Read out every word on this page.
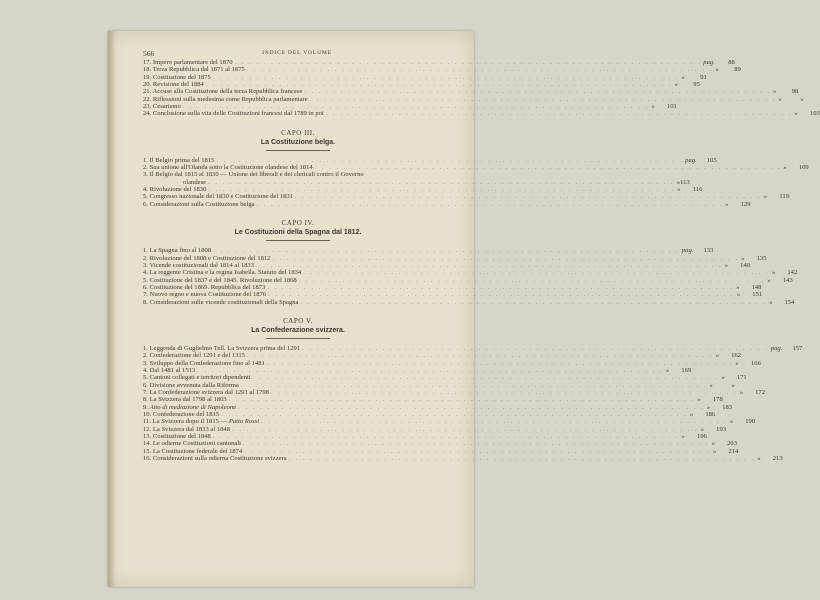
566	INDICE DEL VOLUME
17. Impero parlamentare del 1870 . . . . . . . . . . . . . . . . . . . . . . . . . . . . . . . . . . . . . . . . . . . . . . . . . . . . . . . . . . . . . . . . pag.	88
18. Terza Repubblica dal 1871 al 1875 . . . . . . . . . . . . . . . . . . . . . . . . . . . . . . . . . . . . . . . . . . . . . . . . . . . . . . . . . . . . . . . . »	89
19. Costituzione del 1875 . . . . . . . . . . . . . . . . . . . . . . . . . . . . . . . . . . . . . . . . . . . . . . . . . . . . . . . . . . . . . . . . »	91
20. Revisione del 1884 . . . . . . . . . . . . . . . . . . . . . . . . . . . . . . . . . . . . . . . . . . . . . . . . . . . . . . . . . . . . . . . . »	95
21. Accuse alla Costituzione della terza Repubblica francese . . . . . . . . . . . . . . . . . . . . . . . . . . . . . . . . . . . . . . . . . . . . . . . . . . . . . . . . . . . . . . . . »	98
22. Riflessioni sulla medesima come Repubblica parlamentare . . . . . . . . . . . . . . . . . . . . . . . . . . . . . . . . . . . . . . . . . . . . . . . . . . . . . . . . . . . . . . . . »	»
23. Cesarismo . . . . . . . . . . . . . . . . . . . . . . . . . . . . . . . . . . . . . . . . . . . . . . . . . . . . . . . . . . . . . . . . »	101
24. Conclusione sulla vita delle Costituzioni francesi dal 1789 in poi . . . . . . . . . . . . . . . . . . . . . . . . . . . . . . . . . . . . . . . . . . . . . . . . . . . . . . . . . . . . . . . . »	103
CAPO III.
La Costituzione belga.
1. Il Belgio prima del 1815 . . . . . . . . . . . . . . . . . . . . . . . . . . . . . . . . . . . . . . . . . . . . . . . . . . . . . . . . . . . . . . . . pag.	105
2. Sua unione all'Olanda sotto la Costituzione olandese del 1814 . . . . . . . . . . . . . . . . . . . . . . . . . . . . . . . . . . . . . . . . . . . . . . . . . . . . . . . . . . . . . . . . »	109
3. Il Belgio dal 1815 al 1830 — Unione dei liberali e dei clericali contro il Governo
olandese . . . . . . . . . . . . . . . . . . . . . . . . . . . . . . . . . . . . . . . . . . . . . . . . . . . . . . . . . . . . . . . . » 113
4. Rivoluzione del 1830 . . . . . . . . . . . . . . . . . . . . . . . . . . . . . . . . . . . . . . . . . . . . . . . . . . . . . . . . . . . . . . . . »	116
5. Congresso nazionale del 1830 e Costituzione del 1831 . . . . . . . . . . . . . . . . . . . . . . . . . . . . . . . . . . . . . . . . . . . . . . . . . . . . . . . . . . . . . . . . »	119
6. Considerazioni sulla Costituzione belga . . . . . . . . . . . . . . . . . . . . . . . . . . . . . . . . . . . . . . . . . . . . . . . . . . . . . . . . . . . . . . . . »	129
CAPO IV.
Le Costituzioni della Spagna dal 1812.
1. La Spagna fino al 1808 . . . . . . . . . . . . . . . . . . . . . . . . . . . . . . . . . . . . . . . . . . . . . . . . . . . . . . . . . . . . . . . . pag.	133
2. Rivoluzione del 1808 e Costituzione del 1812 . . . . . . . . . . . . . . . . . . . . . . . . . . . . . . . . . . . . . . . . . . . . . . . . . . . . . . . . . . . . . . . . »	135
3. Vicende costituzionali dal 1814 al 1833 . . . . . . . . . . . . . . . . . . . . . . . . . . . . . . . . . . . . . . . . . . . . . . . . . . . . . . . . . . . . . . . . »	140
4. La reggente Cristina e la regina Isabella. Statuto del 1834 . . . . . . . . . . . . . . . . . . . . . . . . . . . . . . . . . . . . . . . . . . . . . . . . . . . . . . . . . . . . . . . . »	142
5. Costituzione del 1837 e del 1845. Rivoluzione del 1868 . . . . . . . . . . . . . . . . . . . . . . . . . . . . . . . . . . . . . . . . . . . . . . . . . . . . . . . . . . . . . . . . »	143
6. Costituzione del 1869. Repubblica del 1873 . . . . . . . . . . . . . . . . . . . . . . . . . . . . . . . . . . . . . . . . . . . . . . . . . . . . . . . . . . . . . . . . »	148
7. Nuovo regno e nuova Costituzione del 1876 . . . . . . . . . . . . . . . . . . . . . . . . . . . . . . . . . . . . . . . . . . . . . . . . . . . . . . . . . . . . . . . . »	151
8. Considerazioni sulle vicende costituzionali della Spagna . . . . . . . . . . . . . . . . . . . . . . . . . . . . . . . . . . . . . . . . . . . . . . . . . . . . . . . . . . . . . . . . »	154
CAPO V.
La Confederazione svizzera.
1. Leggenda di Guglielmo Tell. La Svizzera prima del 1291 . . . . . . . . . . . . . . . . . . . . . . . . . . . . . . . . . . . . . . . . . . . . . . . . . . . . . . . . . . . . . . . . pag.	157
2. Confederazione del 1291 e del 1315 . . . . . . . . . . . . . . . . . . . . . . . . . . . . . . . . . . . . . . . . . . . . . . . . . . . . . . . . . . . . . . . . »	162
3. Sviluppo della Confederazione fino al 1481 . . . . . . . . . . . . . . . . . . . . . . . . . . . . . . . . . . . . . . . . . . . . . . . . . . . . . . . . . . . . . . . . »	166
4. Dal 1481 al 1513 . . . . . . . . . . . . . . . . . . . . . . . . . . . . . . . . . . . . . . . . . . . . . . . . . . . . . . . . . . . . . . . . »	169
5. Cantoni collegati e territori dipendenti . . . . . . . . . . . . . . . . . . . . . . . . . . . . . . . . . . . . . . . . . . . . . . . . . . . . . . . . . . . . . . . . »	171
6. Divisione avvenuta dalla Riforma . . . . . . . . . . . . . . . . . . . . . . . . . . . . . . . . . . . . . . . . . . . . . . . . . . . . . . . . . . . . . . . . »	»
7. La Confederazione svizzera dal 1291 al 1798 . . . . . . . . . . . . . . . . . . . . . . . . . . . . . . . . . . . . . . . . . . . . . . . . . . . . . . . . . . . . . . . . »	172
8. La Svizzera dal 1798 al 1803 . . . . . . . . . . . . . . . . . . . . . . . . . . . . . . . . . . . . . . . . . . . . . . . . . . . . . . . . . . . . . . . . »	178
9. Atto di mediazione di Napoleone . . . . . . . . . . . . . . . . . . . . . . . . . . . . . . . . . . . . . . . . . . . . . . . . . . . . . . . . . . . . . . . . »	183
10. Confederazione del 1815 . . . . . . . . . . . . . . . . . . . . . . . . . . . . . . . . . . . . . . . . . . . . . . . . . . . . . . . . . . . . . . . . »	186
11. La Svizzera dopo il 1815 — Patto Rossi . . . . . . . . . . . . . . . . . . . . . . . . . . . . . . . . . . . . . . . . . . . . . . . . . . . . . . . . . . . . . . . . »	190
12. La Svizzera dal 1833 al 1848 . . . . . . . . . . . . . . . . . . . . . . . . . . . . . . . . . . . . . . . . . . . . . . . . . . . . . . . . . . . . . . . . »	193
13. Costituzione del 1848 . . . . . . . . . . . . . . . . . . . . . . . . . . . . . . . . . . . . . . . . . . . . . . . . . . . . . . . . . . . . . . . . »	196
14. Le odierne Costituzioni cantonali . . . . . . . . . . . . . . . . . . . . . . . . . . . . . . . . . . . . . . . . . . . . . . . . . . . . . . . . . . . . . . . . »	203
15. La Costituzione federale del 1874 . . . . . . . . . . . . . . . . . . . . . . . . . . . . . . . . . . . . . . . . . . . . . . . . . . . . . . . . . . . . . . . . »	214
16. Considerazioni sulla odierna Costituzione svizzera . . . . . . . . . . . . . . . . . . . . . . . . . . . . . . . . . . . . . . . . . . . . . . . . . . . . . . . . . . . . . . . . »	213
